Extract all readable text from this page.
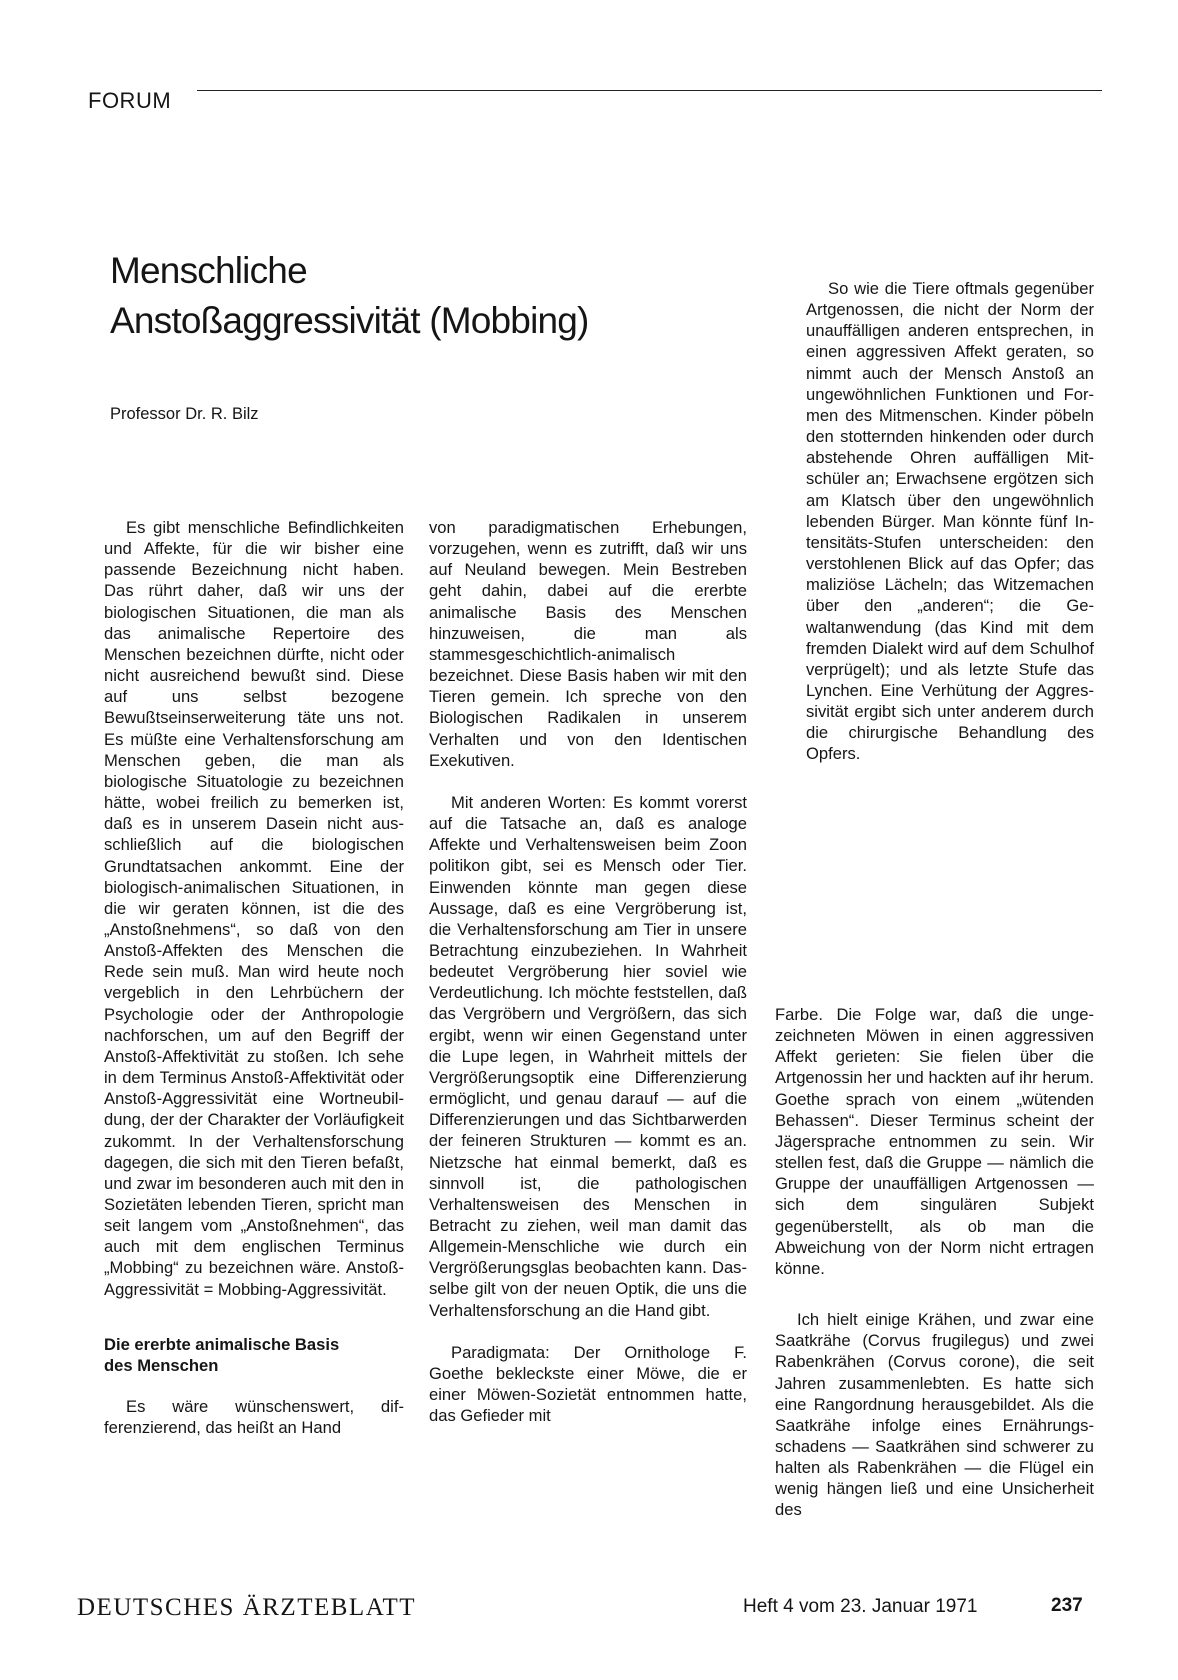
FORUM
Menschliche
Anstoßaggressivität (Mobbing)
Professor Dr. R. Bilz

Es gibt menschliche Befindlichkeiten und Affekte, für die wir bisher eine passende Bezeichnung nicht haben. Das rührt daher, daß wir uns der biologischen Situationen, die man als das animalische Repertoire des Menschen bezeichnen dürfte, nicht oder nicht ausreichend bewußt sind. Diese auf uns selbst bezogene Bewußtseinserweiterung täte uns not. Es müßte eine Verhaltensforschung am Menschen geben, die man als biologische Situatologie zu bezeichnen hätte, wobei freilich zu bemerken ist, daß es in unserem Dasein nicht ausschließlich auf die biologischen Grundtatsachen ankommt. Eine der biologisch-animalischen Situationen, in die wir geraten können, ist die des „Anstoßnehmens“, so daß von den Anstoß-Affekten des Menschen die Rede sein muß. Man wird heute noch vergeblich in den Lehrbüchern der Psychologie oder der Anthropologie nachforschen, um auf den Begriff der Anstoß-Affektivität zu stoßen. Ich sehe in dem Terminus Anstoß-Affektivität oder Anstoß-Aggressivität eine Wortneubildung, der der Charakter der Vorläufigkeit zukommt. In der Verhaltensforschung dagegen, die sich mit den Tieren befaßt, und zwar im besonderen auch mit den in Sozietäten lebenden Tieren, spricht man seit langem vom „Anstoßnehmen“, das auch mit dem englischen Terminus „Mobbing“ zu bezeichnen wäre. Anstoß-Aggressivität = Mobbing-Aggressivität.

Die ererbte animalische Basis
des Menschen

Es wäre wünschenswert, differenzierend, das heißt an Hand

von paradigmatischen Erhebungen, vorzugehen, wenn es zutrifft, daß wir uns auf Neuland bewegen. Mein Bestreben geht dahin, dabei auf die ererbte animalische Basis des Menschen hinzuweisen, die man als stammesgeschichtlich-animalisch bezeichnet. Diese Basis haben wir mit den Tieren gemein. Ich spreche von den Biologischen Radikalen in unserem Verhalten und von den Identischen Exekutiven.

Mit anderen Worten: Es kommt vorerst auf die Tatsache an, daß es analoge Affekte und Verhaltensweisen beim Zoon politikon gibt, sei es Mensch oder Tier. Einwenden könnte man gegen diese Aussage, daß es eine Vergröberung ist, die Verhaltensforschung am Tier in unsere Betrachtung einzubeziehen. In Wahrheit bedeutet Vergröberung hier soviel wie Verdeutlichung. Ich möchte feststellen, daß das Vergröbern und Vergrößern, das sich ergibt, wenn wir einen Gegenstand unter die Lupe legen, in Wahrheit mittels der Vergrößerungsoptik eine Differenzierung ermöglicht, und genau darauf — auf die Differenzierungen und das Sichtbarwerden der feineren Strukturen — kommt es an. Nietzsche hat einmal bemerkt, daß es sinnvoll ist, die pathologischen Verhaltensweisen des Menschen in Betracht zu ziehen, weil man damit das Allgemein-Menschliche wie durch ein Vergrößerungsglas beobachten kann. Dasselbe gilt von der neuen Optik, die uns die Verhaltensforschung an die Hand gibt.

Paradigmata: Der Ornithologe F. Goethe bekleckste einer Möwe, die er einer Möwen-Sozietät entnommen hatte, das Gefieder mit

So wie die Tiere oftmals gegenüber Artgenossen, die nicht der Norm der unauffälligen anderen entsprechen, in einen aggressiven Affekt geraten, so nimmt auch der Mensch Anstoß an ungewöhnlichen Funktionen und Formen des Mitmenschen. Kinder pöbeln den stotternden hinkenden oder durch abstehende Ohren auffälligen Mitschüler an; Erwachsene ergötzen sich am Klatsch über den ungewöhnlich lebenden Bürger. Man könnte fünf Intensitäts-Stufen unterscheiden: den verstohlenen Blick auf das Opfer; das maliziöse Lächeln; das Witzemachen über den „anderen“; die Gewaltanwendung (das Kind mit dem fremden Dialekt wird auf dem Schulhof verprügelt); und als letzte Stufe das Lynchen. Eine Verhütung der Aggressivität ergibt sich unter anderem durch die chirurgische Behandlung des Opfers.

Farbe. Die Folge war, daß die ungezeichneten Möwen in einen aggressiven Affekt gerieten: Sie fielen über die Artgenossin her und hackten auf ihr herum. Goethe sprach von einem „wütenden Behassen“. Dieser Terminus scheint der Jägersprache entnommen zu sein. Wir stellen fest, daß die Gruppe — nämlich die Gruppe der unauffälligen Artgenossen — sich dem singulären Subjekt gegenüberstellt, als ob man die Abweichung von der Norm nicht ertragen könne.

Ich hielt einige Krähen, und zwar eine Saatkrähe (Corvus frugilegus) und zwei Rabenkrähen (Corvus corone), die seit Jahren zusammenlebten. Es hatte sich eine Rangordnung herausgebildet. Als die Saatkrähe infolge eines Ernährungsschadens — Saatkrähen sind schwerer zu halten als Rabenkrähen — die Flügel ein wenig hängen ließ und eine Unsicherheit des

DEUTSCHES ÄRZTEBLATT	Heft 4 vom 23. Januar 1971	237
